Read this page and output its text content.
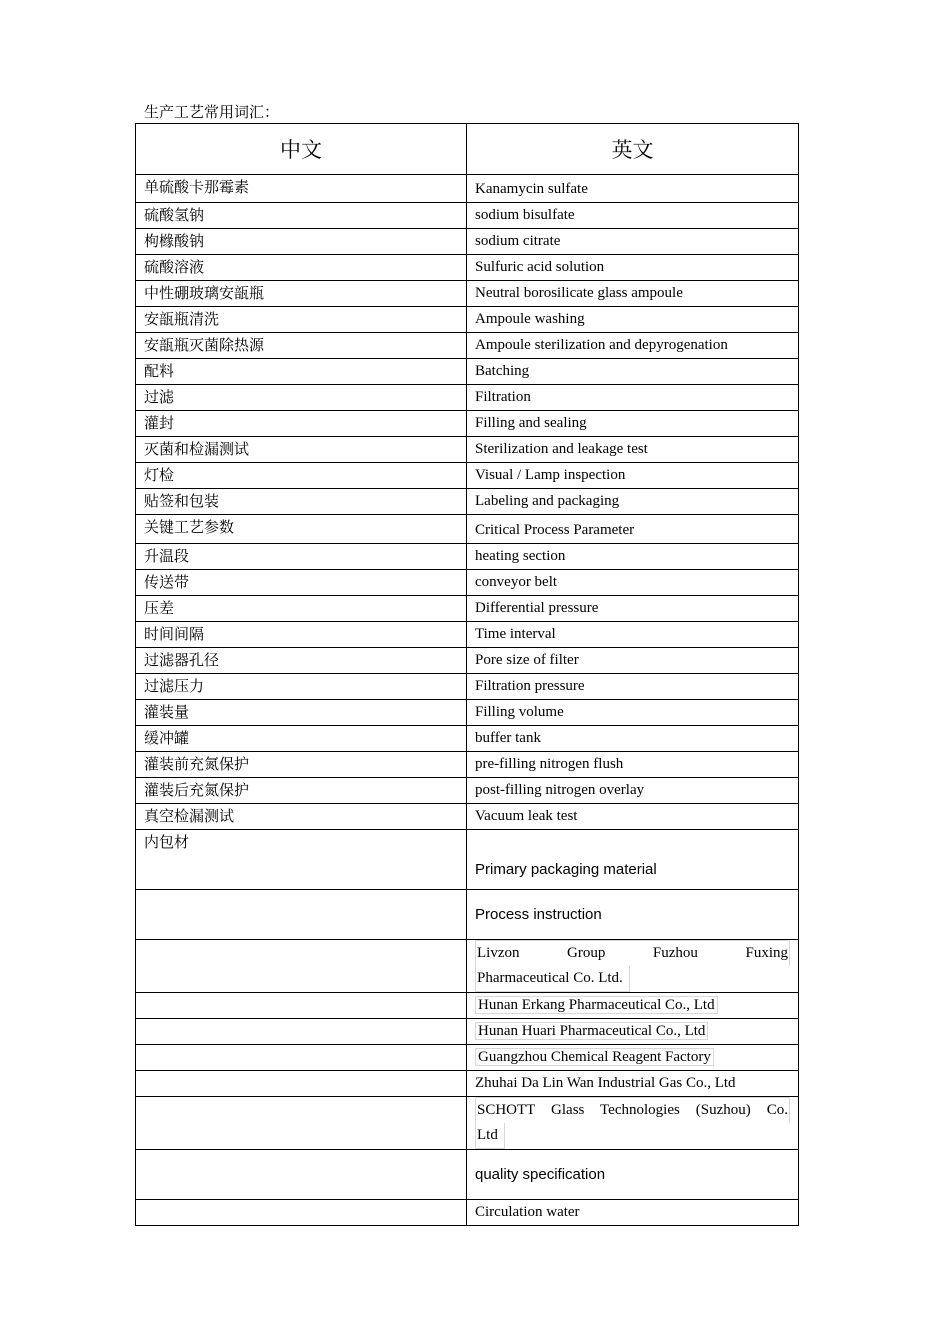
生产工艺常用词汇：
中文	英文
单硫酸卡那霉素	Kanamycin sulfate
硫酸氢钠	sodium bisulfate
枸橼酸钠	sodium citrate
硫酸溶液	Sulfuric acid solution
中性硼玻璃安瓿瓶	Neutral borosilicate glass ampoule
安瓿瓶清洗	Ampoule washing
安瓿瓶灭菌除热源	Ampoule sterilization and depyrogenation
配料	Batching
过滤	Filtration
灌封	Filling and sealing
灭菌和检漏测试	Sterilization and leakage test
灯检	Visual / Lamp inspection
贴签和包装	Labeling and packaging
关键工艺参数	Critical Process Parameter
升温段	heating section
传送带	conveyor belt
压差	Differential pressure
时间间隔	Time interval
过滤器孔径	Pore size of filter
过滤压力	Filtration pressure
灌装量	Filling volume
缓冲罐	buffer tank
灌装前充氮保护	pre-filling nitrogen flush
灌装后充氮保护	post-filling nitrogen overlay
真空检漏测试	Vacuum leak test
内包材	Primary packaging material
	Process instruction

	Livzon Group Fuzhou Fuxing
Pharmaceutical Co. Ltd.
	Hunan Erkang Pharmaceutical Co., Ltd
	Hunan Huari Pharmaceutical Co., Ltd
	Guangzhou Chemical Reagent Factory
	Zhuhai Da Lin Wan Industrial Gas Co., Ltd

	SCHOTT Glass Technologies (Suzhou) Co.
Ltd
	quality specification
	Circulation water
